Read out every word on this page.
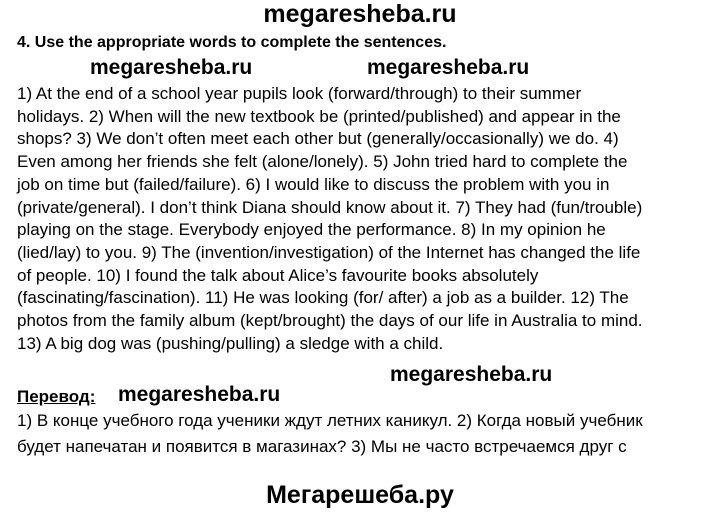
megaresheba.ru
4. Use the appropriate words to complete the sentences.
megaresheba.ru	megaresheba.ru
1) At the end of a school year pupils look (forward/through) to their summer
holidays. 2) When will the new textbook be (printed/published) and appear in the
shops? 3) We don’t often meet each other but (generally/occasionally) we do. 4)
Even among her friends she felt (alone/lonely). 5) John tried hard to complete the
job on time but (failed/failure). 6) I would like to discuss the problem with you in
(private/general). I don’t think Diana should know about it. 7) They had (fun/trouble)
playing on the stage. Everybody enjoyed the performance. 8) In my opinion he
(lied/lay) to you. 9) The (invention/investigation) of the Internet has changed the life
of people. 10) I found the talk about Alice’s favourite books absolutely
(fascinating/fascination). 11) He was looking (for/ after) a job as a builder. 12) The
photos from the family album (kept/brought) the days of our life in Australia to mind.
13) A big dog was (pushing/pulling) a sledge with a child.
megaresheba.ru
Перевод: megaresheba.ru
1) В конце учебного года ученики ждут летних каникул. 2) Когда новый учебник
будет напечатан и появится в магазинах? 3) Мы не часто встречаемся друг с
Мегарешеба.ру
